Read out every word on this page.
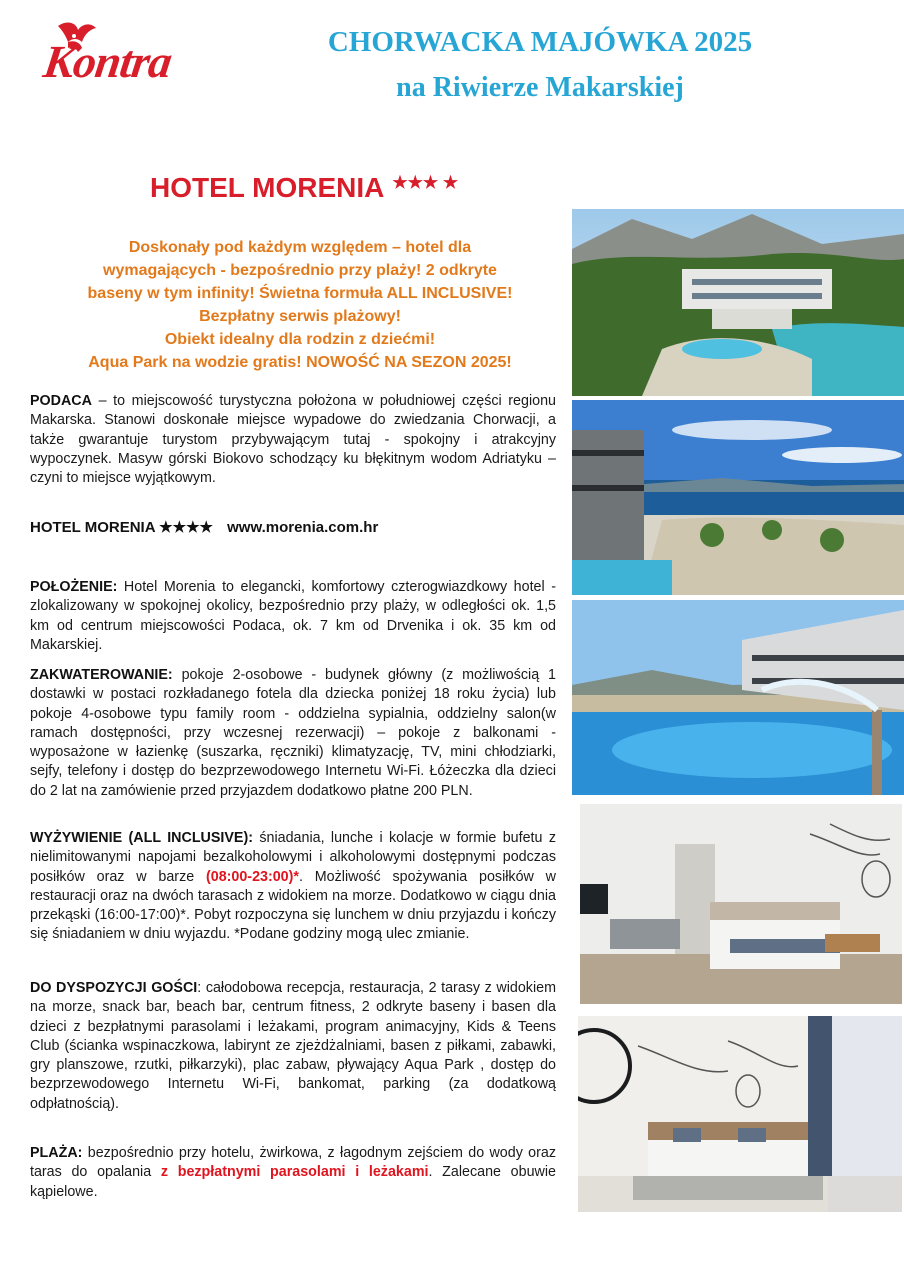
Kontra	CHORWACKA MAJÓWKA 2025
na Riwierze Makarskiej
HOTEL MORENIA ★★★ ★
Doskonały pod każdym względem – hotel dla
wymagających - bezpośrednio przy plaży! 2 odkryte
baseny w tym infinity! Świetna formuła ALL INCLUSIVE!
Bezpłatny serwis plażowy!
Obiekt idealny dla rodzin z dziećmi!
Aqua Park na wodzie gratis! NOWOŚĆ NA SEZON 2025!
PODACA – to miejscowość turystyczna położona w południowej części regionu Makarska. Stanowi doskonałe miejsce wypadowe do zwiedzania Chorwacji, a także gwarantuje turystom przybywającym tutaj - spokojny i atrakcyjny wypoczynek. Masyw górski Biokovo schodzący ku błękitnym wodom Adriatyku – czyni to miejsce wyjątkowym.
HOTEL MORENIA ★★★★ www.morenia.com.hr
POŁOŻENIE: Hotel Morenia to elegancki, komfortowy czterogwiazdkowy hotel - zlokalizowany w spokojnej okolicy, bezpośrednio przy plaży, w odległości ok. 1,5 km od centrum miejscowości Podaca, ok. 7 km od Drvenika i ok. 35 km od Makarskiej.
ZAKWATEROWANIE: pokoje 2-osobowe - budynek główny (z możliwością 1 dostawki w postaci rozkładanego fotela dla dziecka poniżej 18 roku życia) lub pokoje 4-osobowe typu family room - oddzielna sypialnia, oddzielny salon(w ramach dostępności, przy wczesnej rezerwacji) – pokoje z balkonami - wyposażone w łazienkę (suszarka, ręczniki) klimatyzację, TV, mini chłodziarki, sejfy, telefony i dostęp do bezprzewodowego Internetu Wi-Fi. Łóżeczka dla dzieci do 2 lat na zamówienie przed przyjazdem dodatkowo płatne 200 PLN.
WYŻYWIENIE (ALL INCLUSIVE): śniadania, lunche i kolacje w formie bufetu z nielimitowanymi napojami bezalkoholowymi i alkoholowymi dostępnymi podczas posiłków oraz w barze (08:00-23:00)*. Możliwość spożywania posiłków w restauracji oraz na dwóch tarasach z widokiem na morze. Dodatkowo w ciągu dnia przekąski (16:00-17:00)*. Pobyt rozpoczyna się lunchem w dniu przyjazdu i kończy się śniadaniem w dniu wyjazdu. *Podane godziny mogą ulec zmianie.
DO DYSPOZYCJI GOŚCI: całodobowa recepcja, restauracja, 2 tarasy z widokiem na morze, snack bar, beach bar, centrum fitness, 2 odkryte baseny i basen dla dzieci z bezpłatnymi parasolami i leżakami, program animacyjny, Kids & Teens Club (ścianka wspinaczkowa, labirynt ze zjeżdżalniami, basen z piłkami, zabawki, gry planszowe, rzutki, piłkarzyki), plac zabaw, pływający Aqua Park , dostęp do bezprzewodowego Internetu Wi-Fi, bankomat, parking (za dodatkową odpłatnością).
PLAŻA: bezpośrednio przy hotelu, żwirkowa, z łagodnym zejściem do wody oraz taras do opalania z bezpłatnymi parasolami i leżakami. Zalecane obuwie kąpielowe.
